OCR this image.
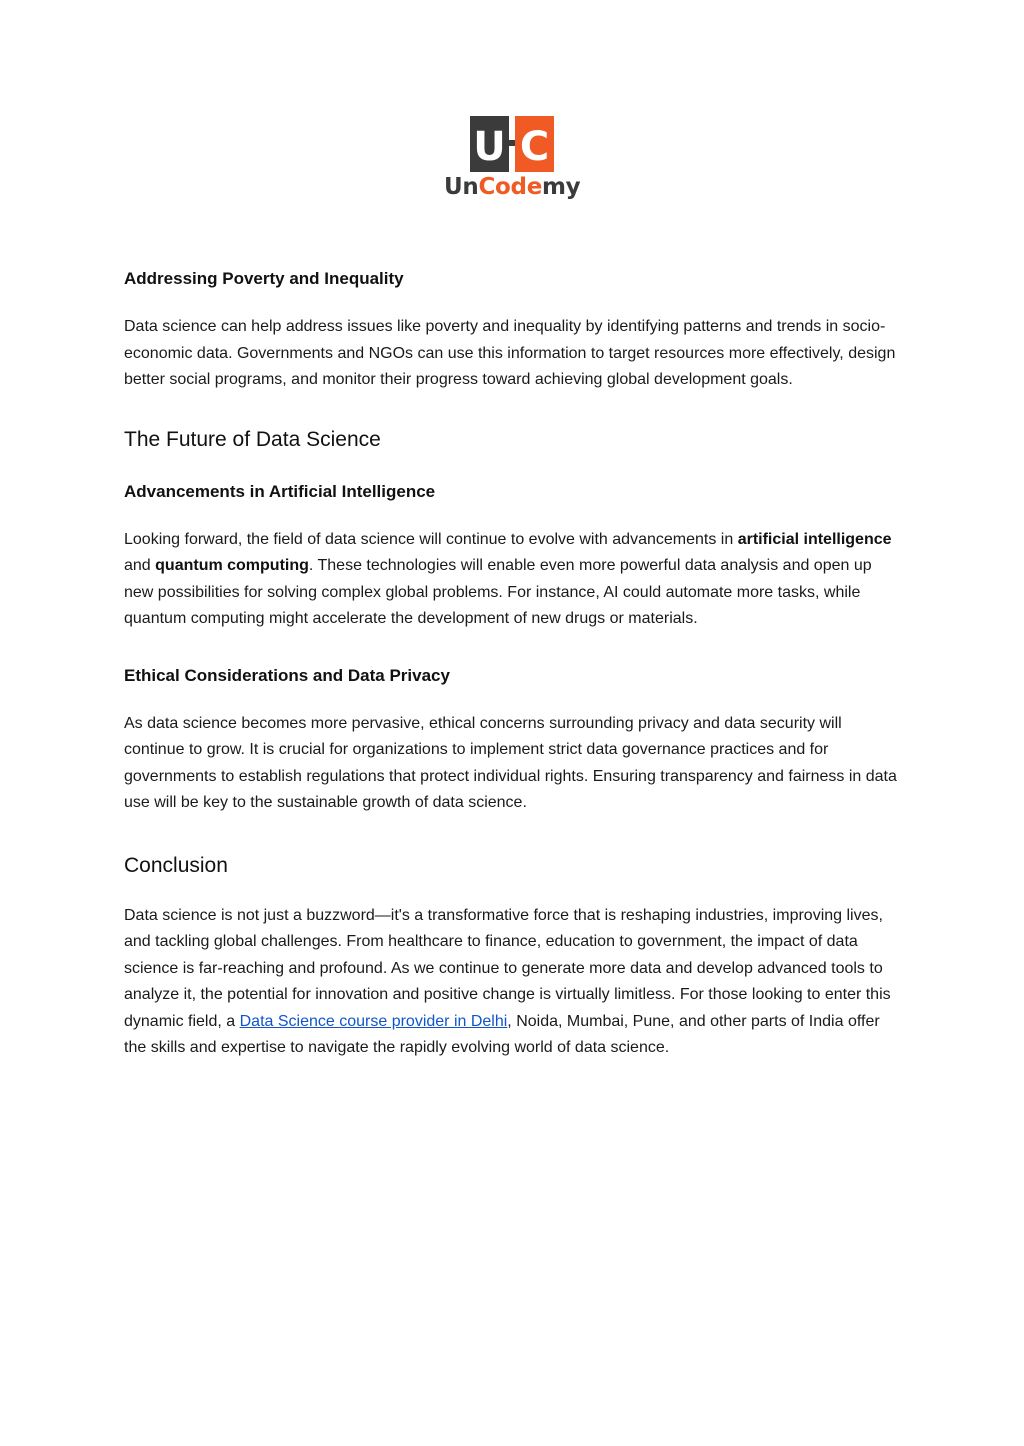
U C
UnCodemy
Addressing Poverty and Inequality

Data science can help address issues like poverty and inequality by identifying patterns and trends in socio-economic data. Governments and NGOs can use this information to target resources more effectively, design better social programs, and monitor their progress toward achieving global development goals.

The Future of Data Science
Advancements in Artificial Intelligence

Looking forward, the field of data science will continue to evolve with advancements in artificial intelligence and quantum computing. These technologies will enable even more powerful data analysis and open up new possibilities for solving complex global problems. For instance, AI could automate more tasks, while quantum computing might accelerate the development of new drugs or materials.

Ethical Considerations and Data Privacy

As data science becomes more pervasive, ethical concerns surrounding privacy and data security will continue to grow. It is crucial for organizations to implement strict data governance practices and for governments to establish regulations that protect individual rights. Ensuring transparency and fairness in data use will be key to the sustainable growth of data science.

Conclusion

Data science is not just a buzzword—it's a transformative force that is reshaping industries, improving lives, and tackling global challenges. From healthcare to finance, education to government, the impact of data science is far-reaching and profound. As we continue to generate more data and develop advanced tools to analyze it, the potential for innovation and positive change is virtually limitless. For those looking to enter this dynamic field, a Data Science course provider in Delhi, Noida, Mumbai, Pune, and other parts of India offer the skills and expertise to navigate the rapidly evolving world of data science.
